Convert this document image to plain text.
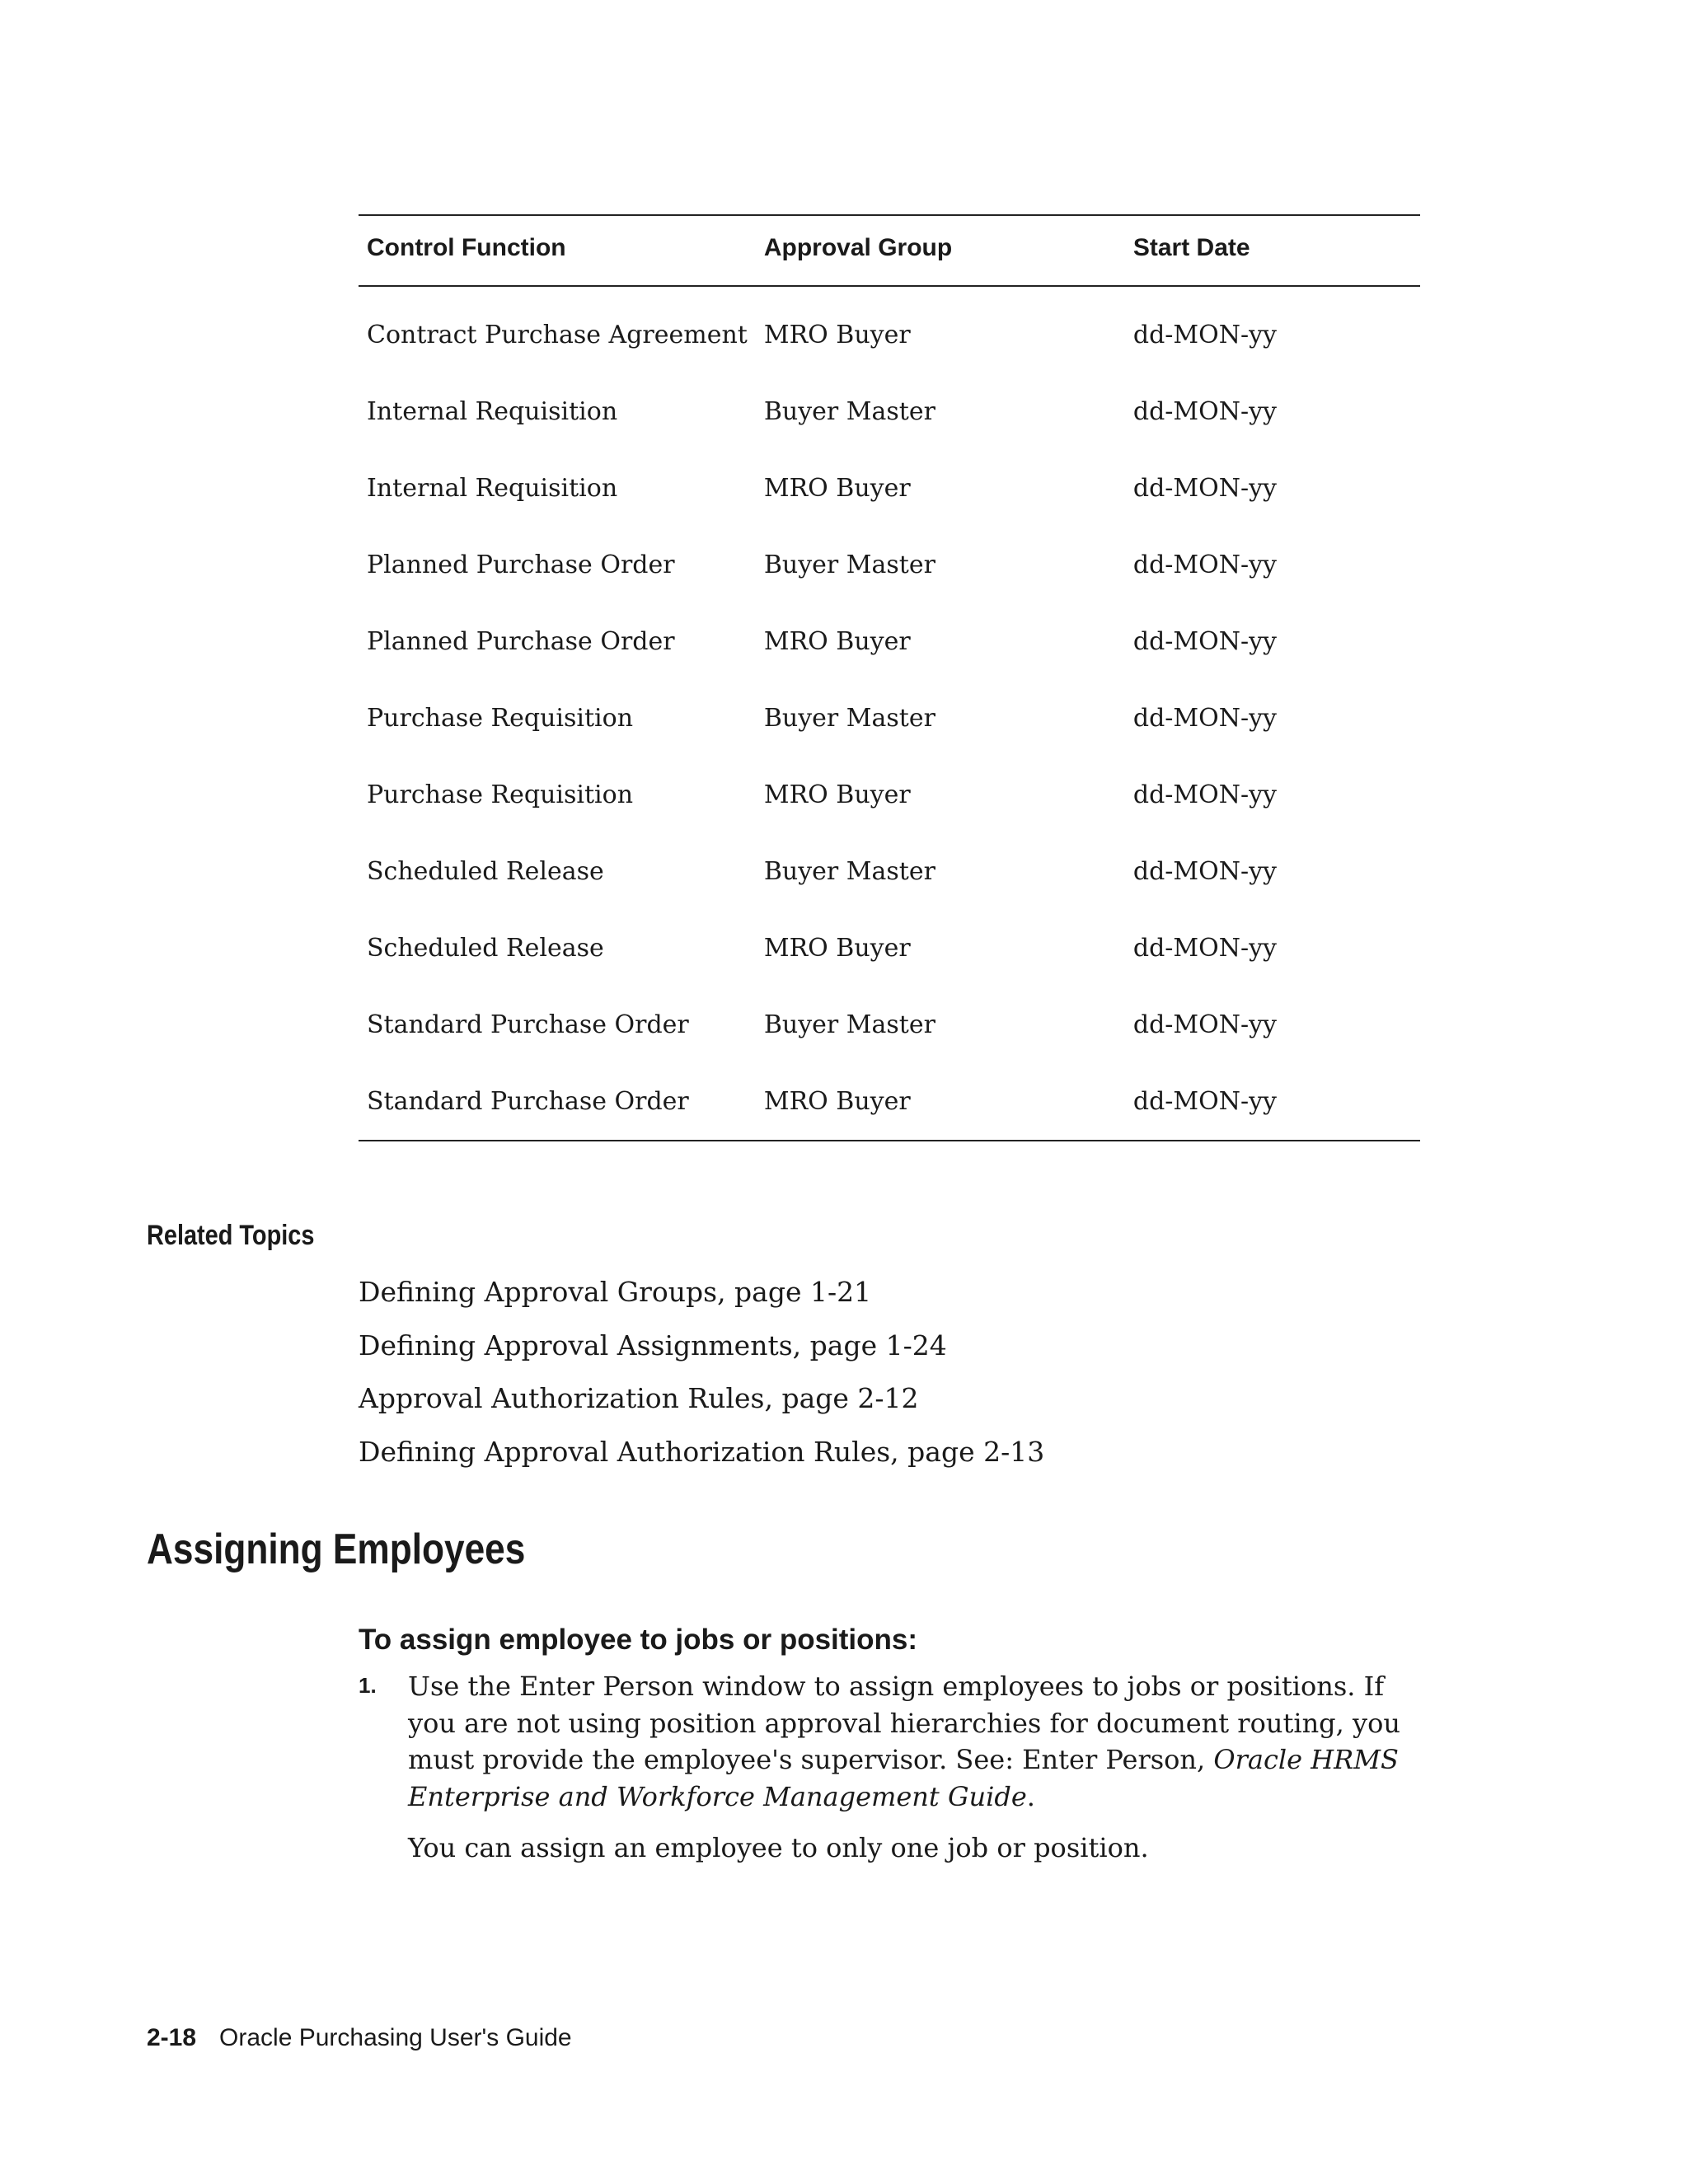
Control Function	Approval Group	Start Date
Contract Purchase Agreement	MRO Buyer	dd-MON-yy
Internal Requisition	Buyer Master	dd-MON-yy
Internal Requisition	MRO Buyer	dd-MON-yy
Planned Purchase Order	Buyer Master	dd-MON-yy
Planned Purchase Order	MRO Buyer	dd-MON-yy
Purchase Requisition	Buyer Master	dd-MON-yy
Purchase Requisition	MRO Buyer	dd-MON-yy
Scheduled Release	Buyer Master	dd-MON-yy
Scheduled Release	MRO Buyer	dd-MON-yy
Standard Purchase Order	Buyer Master	dd-MON-yy
Standard Purchase Order	MRO Buyer	dd-MON-yy
Related Topics
Defining Approval Groups, page 1-21
Defining Approval Assignments, page 1-24
Approval Authorization Rules, page 2-12
Defining Approval Authorization Rules, page 2-13
Assigning Employees
To assign employee to jobs or positions:
1. Use the Enter Person window to assign employees to jobs or positions. If you are not using position approval hierarchies for document routing, you must provide the employee's supervisor. See: Enter Person, Oracle HRMS Enterprise and Workforce Management Guide.

You can assign an employee to only one job or position.

2-18 Oracle Purchasing User's Guide
